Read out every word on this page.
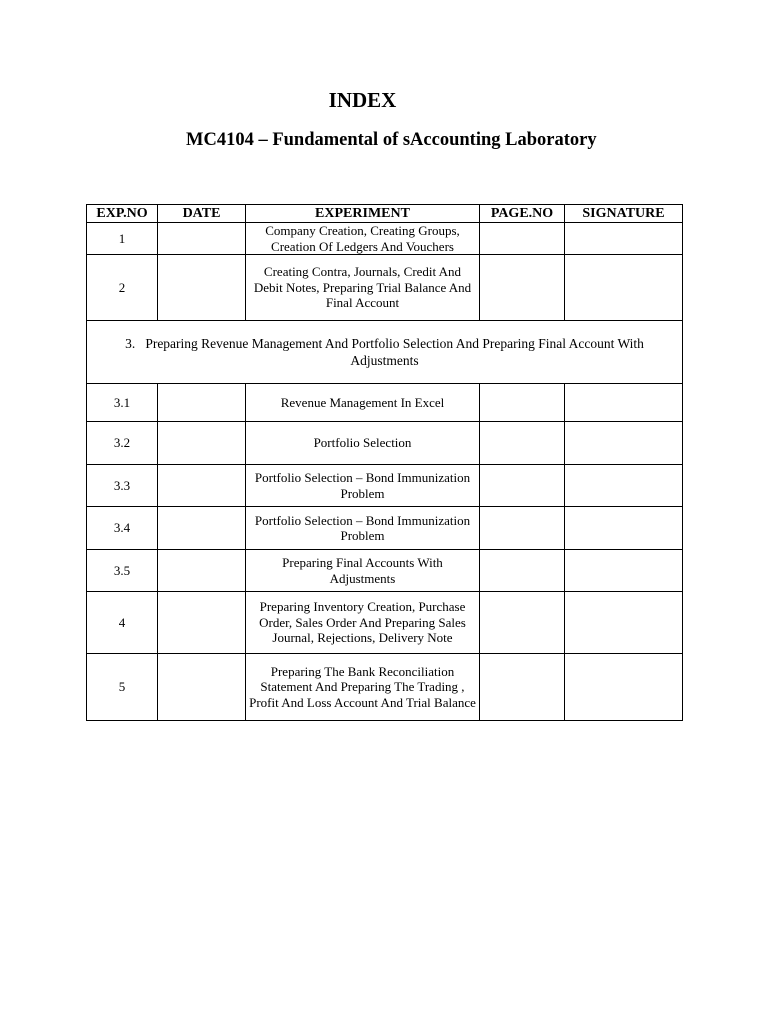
INDEX
MC4104 – Fundamental of sAccounting Laboratory
EXP.NO	DATE	EXPERIMENT	PAGE.NO	SIGNATURE
1		Company Creation, Creating Groups, Creation Of Ledgers And Vouchers		
2		Creating Contra, Journals, Credit And Debit Notes, Preparing Trial Balance And Final Account		
3. Preparing Revenue Management And Portfolio Selection And Preparing Final Account With Adjustments				
3.1		Revenue Management In Excel		
3.2		Portfolio Selection		
3.3		Portfolio Selection – Bond Immunization Problem		
3.4		Portfolio Selection – Bond Immunization Problem		
3.5		Preparing Final Accounts With Adjustments		
4		Preparing Inventory Creation, Purchase Order, Sales Order And Preparing Sales Journal, Rejections, Delivery Note		
5		Preparing The Bank Reconciliation Statement And Preparing The Trading , Profit And Loss Account And Trial Balance		
